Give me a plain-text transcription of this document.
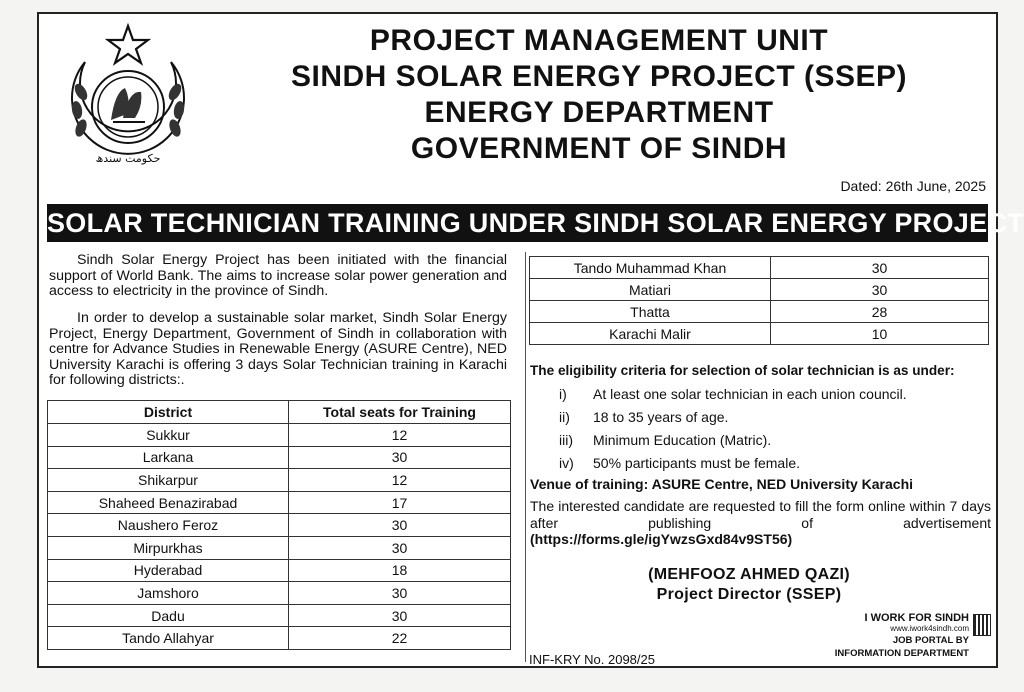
حکومت سندھ
PROJECT MANAGEMENT UNIT
SINDH SOLAR ENERGY PROJECT (SSEP)
ENERGY DEPARTMENT
GOVERNMENT OF SINDH
Dated: 26th June, 2025
SOLAR TECHNICIAN TRAINING UNDER SINDH SOLAR ENERGY PROJECT
Sindh Solar Energy Project has been initiated with the financial support of World Bank. The aims to increase solar power generation and access to electricity in the province of Sindh.
In order to develop a sustainable solar market, Sindh Solar Energy Project, Energy Department, Government of Sindh in collaboration with centre for Advance Studies in Renewable Energy (ASURE Centre), NED University Karachi is offering 3 days Solar Technician training in Karachi for following districts:.
District	Total seats for Training
Sukkur	12
Larkana	30
Shikarpur	12
Shaheed Benazirabad	17
Naushero Feroz	30
Mirpurkhas	30
Hyderabad	18
Jamshoro	30
Dadu	30
Tando Allahyar	22
Tando Muhammad Khan	30
Matiari	30
Thatta	28
Karachi Malir	10
The eligibility criteria for selection of solar technician is as under:
i) At least one solar technician in each union council.
ii) 18 to 35 years of age.
iii) Minimum Education (Matric).
iv) 50% participants must be female.
Venue of training: ASURE Centre, NED University Karachi
The interested candidate are requested to fill the form online within 7 days after publishing of advertisement (https://forms.gle/igYwzsGxd84v9ST56)
(MEHFOOZ AHMED QAZI)
Project Director (SSEP)
INF-KRY No. 2098/25
I WORK FOR SINDH
www.iwork4sindh.com
JOB PORTAL BY
INFORMATION DEPARTMENT
